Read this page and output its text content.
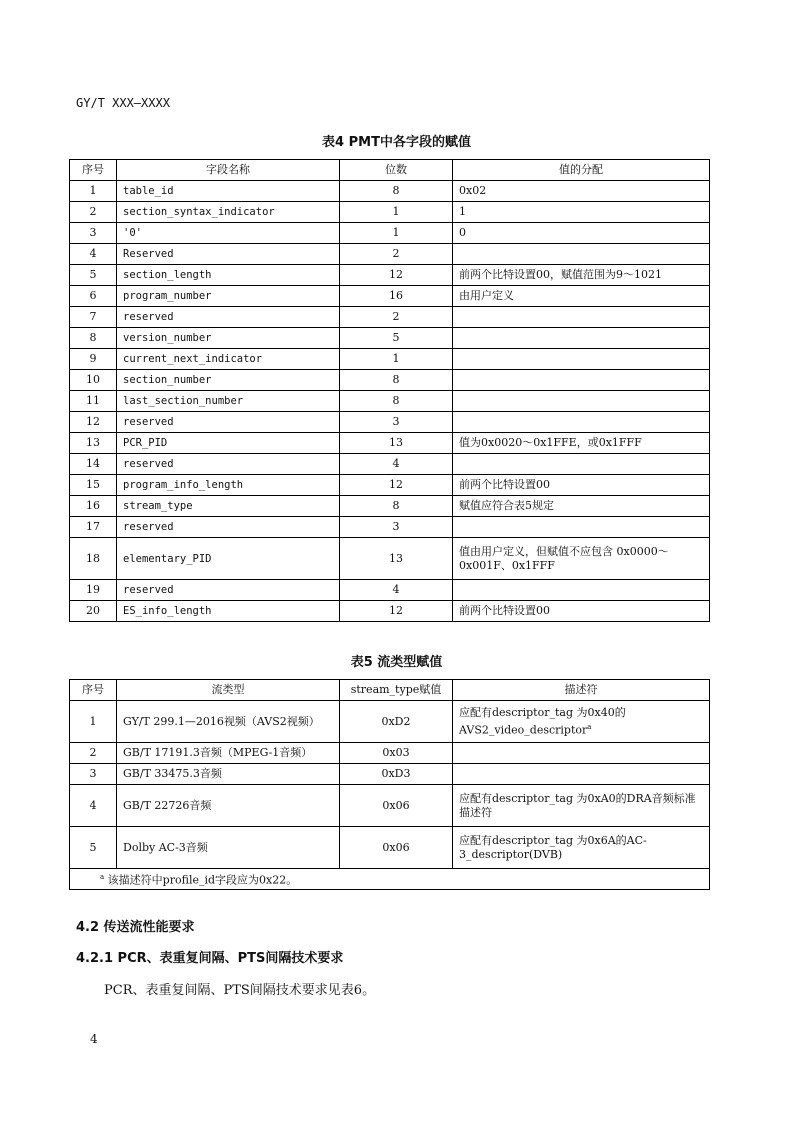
GY/T XXX—XXXX
表4 PMT中各字段的赋值
序号	字段名称	位数	值的分配
1	table_id	8	0x02
2	section_syntax_indicator	1	1
3	'0'	1	0
4	Reserved	2	
5	section_length	12	前两个比特设置00，赋值范围为9～1021
6	program_number	16	由用户定义
7	reserved	2	
8	version_number	5	
9	current_next_indicator	1	
10	section_number	8	
11	last_section_number	8	
12	reserved	3	
13	PCR_PID	13	值为0x0020～0x1FFE，或0x1FFF
14	reserved	4	
15	program_info_length	12	前两个比特设置00
16	stream_type	8	赋值应符合表5规定
17	reserved	3	
18	elementary_PID	13	值由用户定义，但赋值不应包含 0x0000～0x001F、0x1FFF
19	reserved	4	
20	ES_info_length	12	前两个比特设置00
表5 流类型赋值
序号	流类型	stream_type赋值	描述符
1	GY/T 299.1—2016视频（AVS2视频）	0xD2	应配有descriptor_tag 为0x40的AVS2_video_descriptor$^a$
2	GB/T 17191.3音频（MPEG-1音频）	0x03	
3	GB/T 33475.3音频	0xD3	
4	GB/T 22726音频	0x06	应配有descriptor_tag 为0xA0的DRA音频标准描述符
5	Dolby AC-3音频	0x06	应配有descriptor_tag 为0x6A的AC-3_descriptor(DVB)
$^a$ 该描述符中profile_id字段应为0x22。			
4.2 传送流性能要求
4.2.1 PCR、表重复间隔、PTS间隔技术要求
PCR、表重复间隔、PTS间隔技术要求见表6。
4
